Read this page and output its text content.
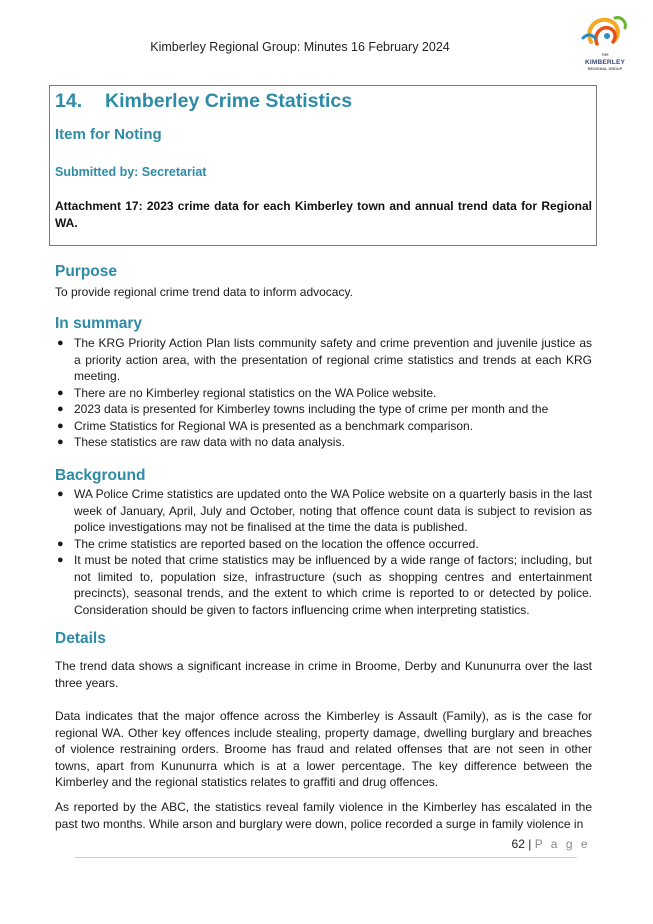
Kimberley Regional Group: Minutes 16 February 2024
THE
KIMBERLEY
REGIONAL GROUP
14. Kimberley Crime Statistics
Item for Noting
Submitted by: Secretariat
Attachment 17: 2023 crime data for each Kimberley town and annual trend data for Regional WA.
Purpose

To provide regional crime trend data to inform advocacy.

In summary
● The KRG Priority Action Plan lists community safety and crime prevention and juvenile justice as a priority action area, with the presentation of regional crime statistics and trends at each KRG meeting.
● There are no Kimberley regional statistics on the WA Police website.
● 2023 data is presented for Kimberley towns including the type of crime per month and the
● Crime Statistics for Regional WA is presented as a benchmark comparison.
● These statistics are raw data with no data analysis.
Background
● WA Police Crime statistics are updated onto the WA Police website on a quarterly basis in the last week of January, April, July and October, noting that offence count data is subject to revision as police investigations may not be finalised at the time the data is published.
● The crime statistics are reported based on the location the offence occurred.
● It must be noted that crime statistics may be influenced by a wide range of factors; including, but not limited to, population size, infrastructure (such as shopping centres and entertainment precincts), seasonal trends, and the extent to which crime is reported to or detected by police. Consideration should be given to factors influencing crime when interpreting statistics.
Details

The trend data shows a significant increase in crime in Broome, Derby and Kununurra over the last three years.

Data indicates that the major offence across the Kimberley is Assault (Family), as is the case for regional WA. Other key offences include stealing, property damage, dwelling burglary and breaches of violence restraining orders. Broome has fraud and related offenses that are not seen in other towns, apart from Kununurra which is at a lower percentage. The key difference between the Kimberley and the regional statistics relates to graffiti and drug offences.

As reported by the ABC, the statistics reveal family violence in the Kimberley has escalated in the past two months. While arson and burglary were down, police recorded a surge in family violence in

62 | P a g e
